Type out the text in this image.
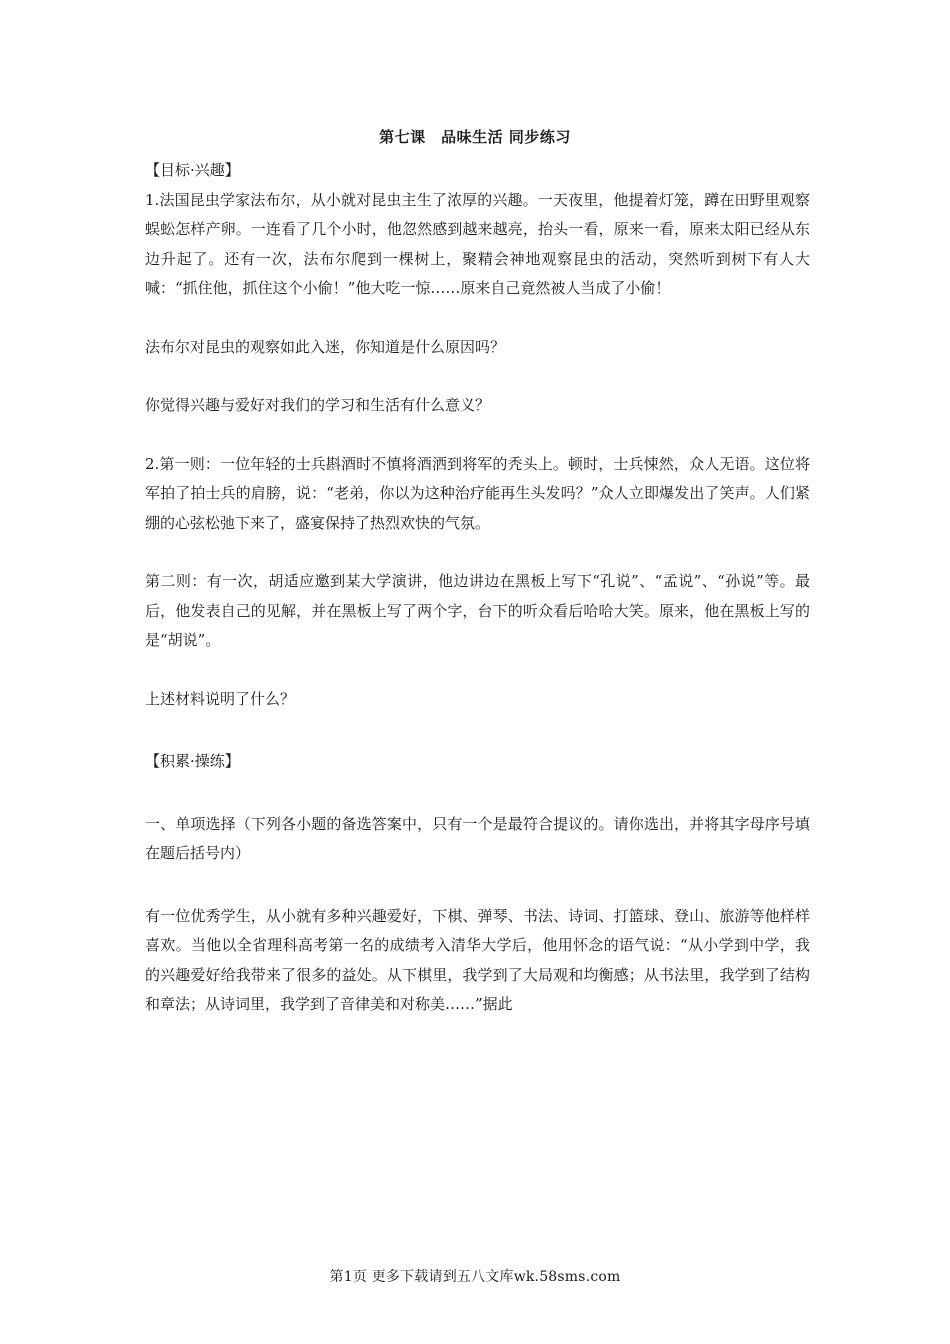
第七课　品味生活 同步练习

【目标·兴趣】

1.法国昆虫学家法布尔，从小就对昆虫主生了浓厚的兴趣。一天夜里，他提着灯笼，蹲在田野里观察蜈蚣怎样产卵。一连看了几个小时，他忽然感到越来越亮，抬头一看，原来一看，原来太阳已经从东边升起了。还有一次，法布尔爬到一棵树上，聚精会神地观察昆虫的活动，突然听到树下有人大喊：“抓住他，抓住这个小偷！”他大吃一惊……原来自己竟然被人当成了小偷！

法布尔对昆虫的观察如此入迷，你知道是什么原因吗？

你觉得兴趣与爱好对我们的学习和生活有什么意义？

2.第一则：一位年轻的士兵斟酒时不慎将酒洒到将军的秃头上。顿时，士兵悚然，众人无语。这位将军拍了拍士兵的肩膀，说：“老弟，你以为这种治疗能再生头发吗？”众人立即爆发出了笑声。人们紧绷的心弦松弛下来了，盛宴保持了热烈欢快的气氛。

第二则：有一次，胡适应邀到某大学演讲，他边讲边在黑板上写下“孔说”、“孟说”、“孙说”等。最后，他发表自己的见解，并在黑板上写了两个字，台下的听众看后哈哈大笑。原来，他在黑板上写的是“胡说”。

上述材料说明了什么？

【积累·操练】

一、单项选择（下列各小题的备选答案中，只有一个是最符合提议的。请你选出，并将其字母序号填在题后括号内）

有一位优秀学生，从小就有多种兴趣爱好，下棋、弹琴、书法、诗词、打篮球、登山、旅游等他样样喜欢。当他以全省理科高考第一名的成绩考入清华大学后，他用怀念的语气说：“从小学到中学，我的兴趣爱好给我带来了很多的益处。从下棋里，我学到了大局观和均衡感；从书法里，我学到了结构和章法；从诗词里，我学到了音律美和对称美……”据此

第1页 更多下载请到五八文库wk.58sms.com
